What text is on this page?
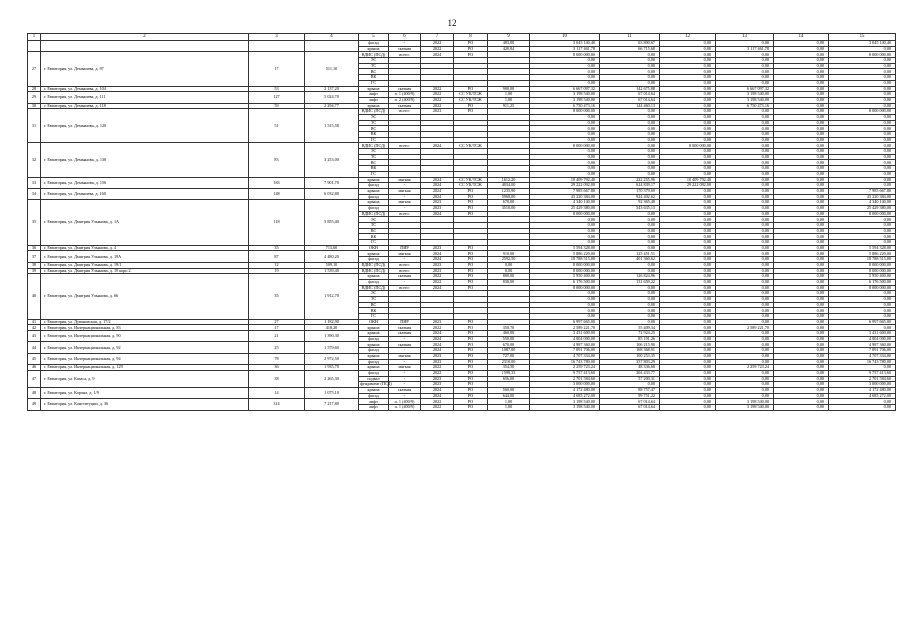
12
1	2	3	4	5	6	7	8	9	10	11	12	13	14	15
				фасад	-	2022	РО	483,00	3 045 140,40	63 800,67	0,00	0,00	0,00	3 045 140,40
				крыша	скатная	2022	РО	420,84	3 117 461,78	66 715,68	0,00	3 117 461,78	0,00	0,00
27	г. Евпатория, ул. Демышева, д. 97	17	511,10	ВДИС (ПСД)	всего:	2024	РО		8 000 000,00	0,00	0,00	0,00	0,00	8 000 000,00
				ЭС					0,00	0,00	0,00	0,00	0,00	0,00
				ТС					0,00	0,00	0,00	0,00	0,00	0,00
				ВС					0,00	0,00	0,00	0,00	0,00	0,00
				ВК					0,00	0,00	0,00	0,00	0,00	0,00
				ГС					0,00	0,00	0,00	0,00	0,00	0,00
28	г. Евпатория, ул. Демышева, д. 104	53	2 137,20	крыша	скатная	2022	РО	900,00	6 667 097,32	142 675,88	0,00	6 667 097,32	0,00	0,00
29	г. Евпатория, ул. Демышева, д. 111	127	5 024,70	лифт	п. 1 (400/9)	2022	СС УК/ТСЖ	1,00	3 198 540,00	67 014,64	0,00	3 198 540,00	0,00	0,00
				лифт	п. 2 (400/9)	2022	СС УК/ТСЖ	1,00	3 198 540,00	67 014,64	0,00	3 198 540,00	0,00	0,00
30	г. Евпатория, ул. Демышева, д. 118	59	2 294,77	крыша	скатная	2022	РО	911,25	6 750 473,16	144 460,13	0,00	6 750 473,16	0,00	0,00
31	г. Евпатория, ул. Демьяновa, д. 120	51	1 515,58	ВДИС (ПСД)	всего:	2023	РО		8 000 000,00	0,00	0,00	0,00	0,00	8 000 000,00
				ЭС					0,00	0,00	0,00	0,00	0,00	0,00
				ТС					0,00	0,00	0,00	0,00	0,00	0,00
				ВС					0,00	0,00	0,00	0,00	0,00	0,00
				ВК					0,00	0,00	0,00	0,00	0,00	0,00
				ГС					0,00	0,00	0,00	0,00	0,00	0,00
32	г. Евпатория, ул. Демьяновa, д. 130	83	3 253,00	ВДИС (ПСД)	всего:	2024	СС УК/ТСЖ		8 000 000,00	0,00	8 000 000,00	0,00	0,00	0,00
				ЭС					0,00	0,00	0,00	0,00	0,00	0,00
				ТС					0,00	0,00	0,00	0,00	0,00	0,00
				ВС					0,00	0,00	0,00	0,00	0,00	0,00
				ВК					0,00	0,00	0,00	0,00	0,00	0,00
				ГС					0,00	0,00	0,00	0,00	0,00	0,00
33	г. Евпатория, ул. Демьяновa, д. 156	183	7 901,70	крыша	мягкая	2024	СС УК/ТСЖ	1612,20	10 409 792,40	222 255,96	10 409 792,40	0,00	0,00	0,00
				фасад	-	2024	СС УК/ТСЖ	4034,00	29 222 092,00	624 839,17	29 222 092,00	0,00	0,00	0,00
34	г. Евпатория, ул. Демышева, д. 160	148	6 032,80	крыша	мягкая	2024	РО	1235,90	7 985 667,80	170 379,69	0,00	0,00	0,00	7 985 667,80
				фасад	-	2024	РО	5968,00	43 220 384,00	924 402,62	0,00	0,00	0,00	43 220 384,00
35	г. Евпатория, ул. Дмитрия Ульянова, д. 1А	118	5 855,40	крыша	мягкая	2023	РО	670,00	4 340 140,00	92 365,40	0,00	0,00	0,00	4 340 140,00
				фасад	-	2023	РО	3510,00	25 429 380,00	543 635,13	0,00	0,00	0,00	25 429 380,00
				ВДИС (ПСД)	всего:	2024	РО		8 000 000,00	0,00	0,00	0,00	0,00	8 000 000,00
				ЭС					0,00	0,00	0,00	0,00	0,00	0,00
				ТС					0,00	0,00	0,00	0,00	0,00	0,00
				ВС					0,00	0,00	0,00	0,00	0,00	0,00
				ВК					0,00	0,00	0,00	0,00	0,00	0,00
				ГС					0,00	0,00	0,00	0,00	0,00	0,00
36	г. Евпатория, ул. Дмитрия Ульянова, д. 4	35	713,60	ОКН	ПИР	2023	РО		5 594 328,00	0,00	0,00	0,00	0,00	5 594 328,00
37	г. Евпатория, ул. Дмитрия Ульянова, д. 19А	87	4 480,20	крыша	мягкая	2024	РО	910,00	5 886 220,00	125 451,51	0,00	0,00	0,00	5 886 220,00
				фасад	-	2024	РО	2592,50	18 788 515,00	401 360,62	0,00	0,00	0,00	18 788 515,00
38	г. Евпатория, ул. Дмитрия Ульянова, д. 19/1	12	509,10	ВДИС (ПСД)	всего:	2023	РО	0,00	8 000 000,00	0,00	0,00	0,00	0,00	8 000 000,00
39	г. Евпатория, ул. Дмитрия Ульянова, д. 19 корп 2	19	1 539,40	ВДИС (ПСД)	всего:	2023	РО	0,00	8 000 000,00	0,00	0,00	0,00	0,00	8 000 000,00
40	г. Евпатория, ул. Дмитрия Ульянова, д. 66	35	1 912,70	крыша	скатная	2022	РО	800,00	5 950 400,00	126 824,96	0,00	0,00	0,00	5 950 400,00
				фасад	-	2022	РО	830,00	6 176 500,00	131 659,22	0,00	0,00	0,00	6 176 500,00
				ВДИС (ПСД)	всего:	2024	РО		8 000 000,00	0,00	0,00	0,00	0,00	8 000 000,00
				ЭС					0,00	0,00	0,00	0,00	0,00	0,00
				ТС					0,00	0,00	0,00	0,00	0,00	0,00
				ВС					0,00	0,00	0,00	0,00	0,00	0,00
				ВК					0,00	0,00	0,00	0,00	0,00	0,00
				ГС					0,00	0,00	0,00	0,00	0,00	0,00
41	г. Евпатория, ул. Дувановская, д. 17/2	27	1 182,90	ОКН	ПИР	2023	РО		6 997 665,00	0,00	0,00	0,00	0,00	6 997 665,00
42	г. Евпатория, ул. Интернациональная, д. 83	17	418,20	крыша	скатная	2022	РО	350,70	2 589 221,70	55 409,34	0,00	2 589 221,70	0,00	0,00
43	г. Евпатория, ул. Интернациональная, д. 90	21	1 390,30	крыша	скатная	2024	РО	460,00	3 431 600,00	72 924,25	0,00	0,00	0,00	3 431 600,00
				фасад	-	2024	РО	550,00	4 004 000,00	85 191,26	0,00	0,00	0,00	4 004 000,00
44	г. Евпатория, ул. Интернациональная, д. 92	25	1 579,60	крыша	скатная	2024	РО	670,00	4 987 360,00	106 215,90	0,00	0,00	0,00	4 987 360,00
				фасад	-	2024	РО	1087,00	7 891 706,00	168 368,91	0,00	0,00	0,00	7 891 706,00
45	г. Евпатория, ул. Интернациональная, д. 94	78	2 972,50	крыша	мягкая	2023	РО	727,00	4 707 334,00	100 253,35	0,00	0,00	0,00	4 707 334,00
				фасад	-	2023	РО	2310,00	16 743 780,00	357 803,29	0,00	0,00	0,00	16 743 780,00
46	г. Евпатория, ул. Интернациональная, д. 129	36	1 935,70	крыша	мягкая	2022	РО	354,50	2 259 723,24	48 336,68	0,00	2 259 723,24	0,00	0,00
47	г. Евпатория, ул. Казаса, д. 9	38	2 265,30	фасад	-	2022	РО	1598,33	9 757 413,60	204 433,77	0,00	0,00	0,00	9 757 413,60
				подвал	-	2023	РО	656,00	2 701 584,60	57 200,31	0,00	0,00	0,00	2 701 584,60
				фундамент (ПСД)	-	2023	РО		3 000 000,00	0,00	0,00	0,00	0,00	3 000 000,00
48	г. Евпатория, ул. Корона, д. 1/9	14	1 075,10	крыша	скатная	2024	РО	560,00	4 172 480,00	88 757,47	0,00	0,00	0,00	4 172 480,00
				фасад	-	2024	РО	644,00	4 685 272,00	99 751,22	0,00	0,00	0,00	4 685 272,00
49	г. Евпатория, ул. Конституции, д. 36	314	7 217,80	лифт	п. 1 (400/9)	2022	РО	1,00	3 198 540,00	67 014,64	0,00	3 198 540,00	0,00	0,00
				лифт	п. 1 (400/9)	2022	РО	1,00	3 198 540,00	67 014,64	0,00	3 198 540,00	0,00	0,00
